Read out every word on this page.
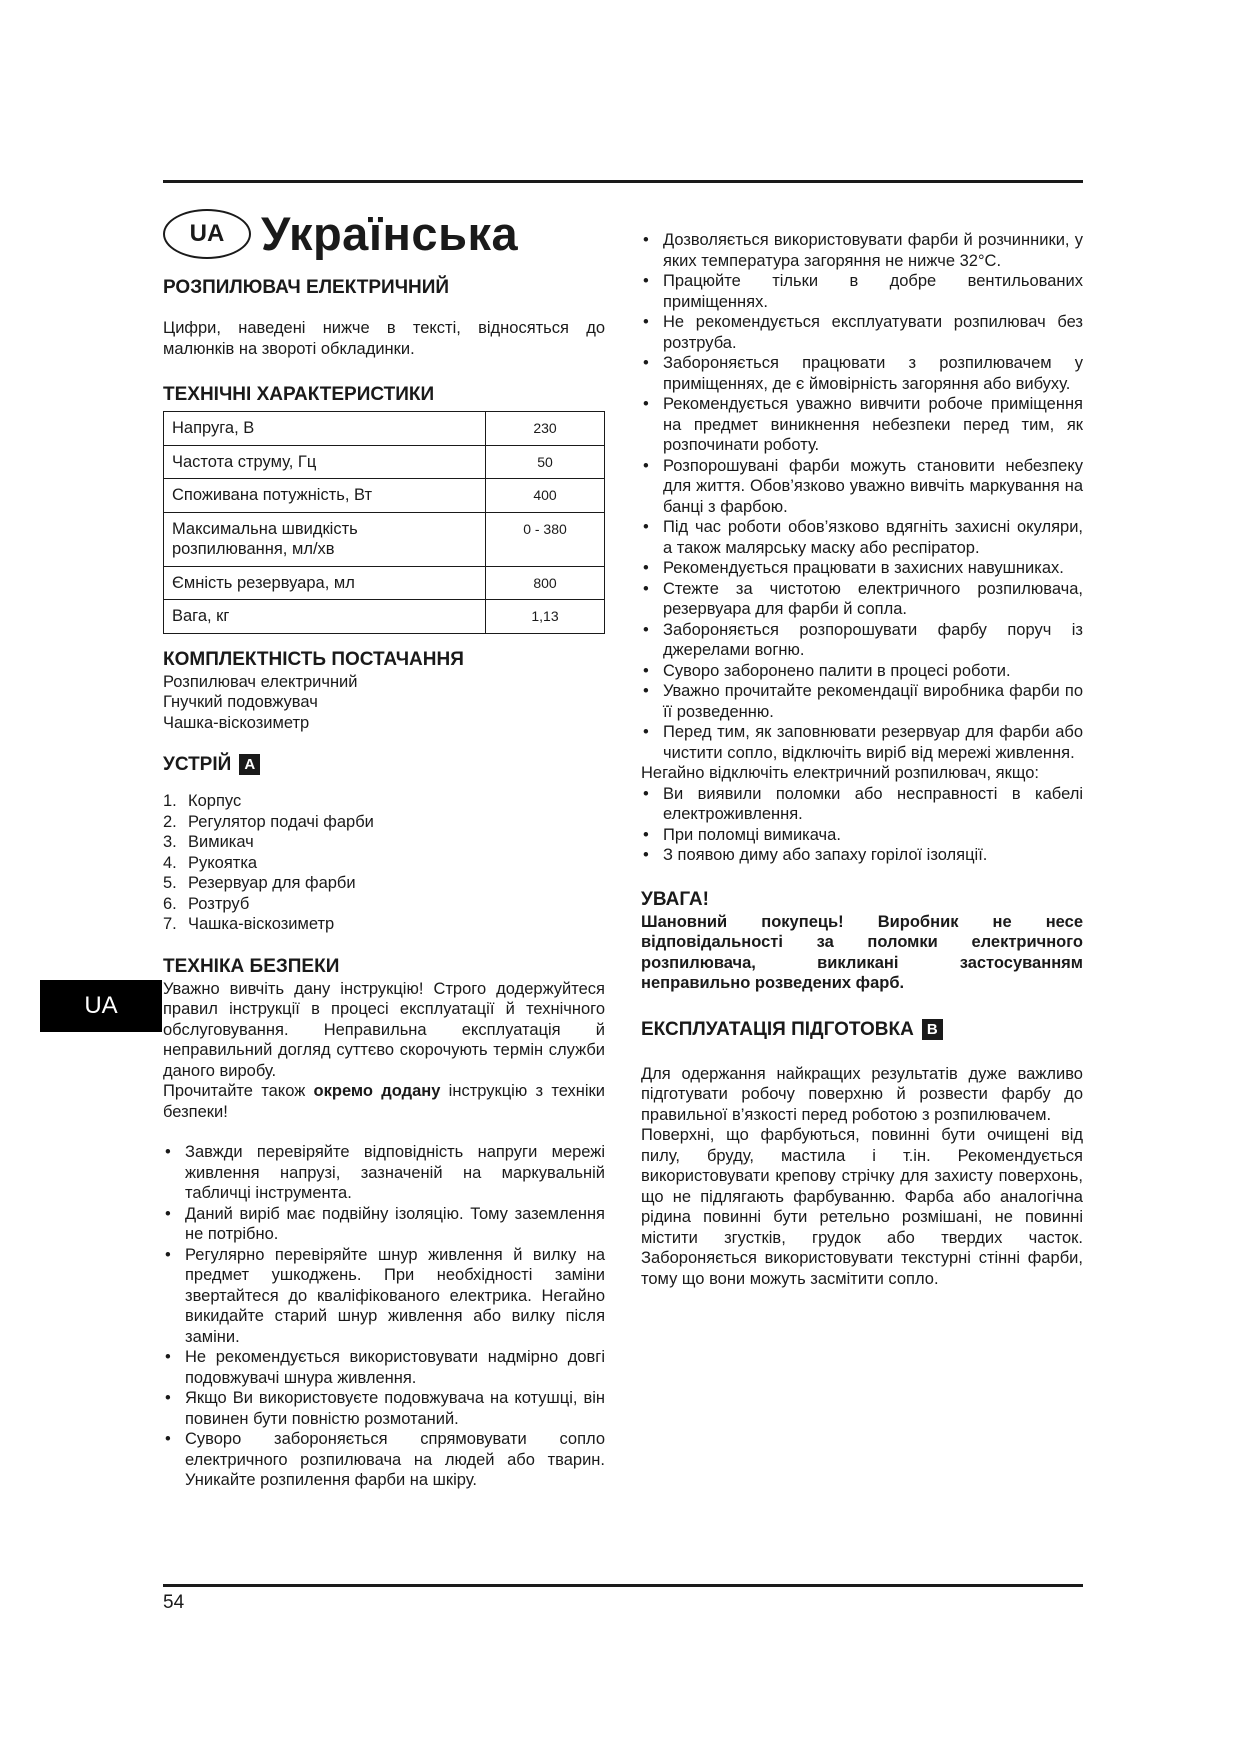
UA
UA Українська
РОЗПИЛЮВАЧ ЕЛЕКТРИЧНИЙ

Цифри, наведені нижче в тексті, відносяться до малюнків на звороті обкладинки.

ТЕХНІЧНІ ХАРАКТЕРИСТИКИ
Напруга, В	230
Частота струму, Гц	50
Споживана потужність, Вт	400
Максимальна швидкість розпилювання, мл/хв	0 - 380
Ємність резервуара, мл	800
Вага, кг	1,13
КОМПЛЕКТНІСТЬ ПОСТАЧАННЯ
Розпилювач електричний
Гнучкий подовжувач
Чашка-віскозиметр
УСТРІЙ A
1. Корпус
2. Регулятор подачі фарби
3. Вимикач
4. Рукоятка
5. Резервуар для фарби
6. Розтруб
7. Чашка-віскозиметр
ТЕХНІКА БЕЗПЕКИ

Уважно вивчіть дану інструкцію! Строго додержуйтеся правил інструкції в процесі експлуатації й технічного обслуговування. Неправильна експлуатація й неправильний догляд суттєво скорочують термін служби даного виробу.

Прочитайте також окремо додану інструкцію з техніки безпеки!

• Завжди перевіряйте відповідність напруги мережі живлення напрузі, зазначеній на маркувальній табличці інструмента.
• Даний виріб має подвійну ізоляцію. Тому заземлення не потрібно.
• Регулярно перевіряйте шнур живлення й вилку на предмет ушкоджень. При необхідності заміни звертайтеся до кваліфікованого електрика. Негайно викидайте старий шнур живлення або вилку після заміни.
• Не рекомендується використовувати надмірно довгі подовжувачі шнура живлення.
• Якщо Ви використовуєте подовжувача на котушці, він повинен бути повністю розмотаний.
• Суворо забороняється спрямовувати сопло електричного розпилювача на людей або тварин. Уникайте розпилення фарби на шкіру.
• Дозволяється використовувати фарби й розчинники, у яких температура загоряння не нижче 32°С.
• Працюйте тільки в добре вентильованих приміщеннях.
• Не рекомендується експлуатувати розпилювач без розтруба.
• Забороняється працювати з розпилювачем у приміщеннях, де є ймовірність загоряння або вибуху.
• Рекомендується уважно вивчити робоче приміщення на предмет виникнення небезпеки перед тим, як розпочинати роботу.
• Розпорошувані фарби можуть становити небезпеку для життя. Обов’язково уважно вивчіть маркування на банці з фарбою.
• Під час роботи обов’язково вдягніть захисні окуляри, а також малярську маску або респіратор.
• Рекомендується працювати в захисних навушниках.
• Стежте за чистотою електричного розпилювача, резервуара для фарби й сопла.
• Забороняється розпорошувати фарбу поруч із джерелами вогню.
• Суворо заборонено палити в процесі роботи.
• Уважно прочитайте рекомендації виробника фарби по її розведенню.
• Перед тим, як заповнювати резервуар для фарби або чистити сопло, відключіть виріб від мережі живлення.

Негайно відключіть електричний розпилювач, якщо:

• Ви виявили поломки або несправності в кабелі електроживлення.
• При поломці вимикача.
• З появою диму або запаху горілої ізоляції.
УВАГА!

Шановний покупець! Виробник не несе відповідальності за поломки електричного розпилювача, викликані застосуванням неправильно розведених фарб.

ЕКСПЛУАТАЦІЯ ПІДГОТОВКА B

Для одержання найкращих результатів дуже важливо підготувати робочу поверхню й розвести фарбу до правильної в’язкості перед роботою з розпилювачем.

Поверхні, що фарбуються, повинні бути очищені від пилу, бруду, мастила і т.ін. Рекомендується використовувати крепову стрічку для захисту поверхонь, що не підлягають фарбуванню. Фарба або аналогічна рідина повинні бути ретельно розмішані, не повинні містити згустків, грудок або твердих часток. Забороняється використовувати текстурні стінні фарби, тому що вони можуть засмітити сопло.

54
